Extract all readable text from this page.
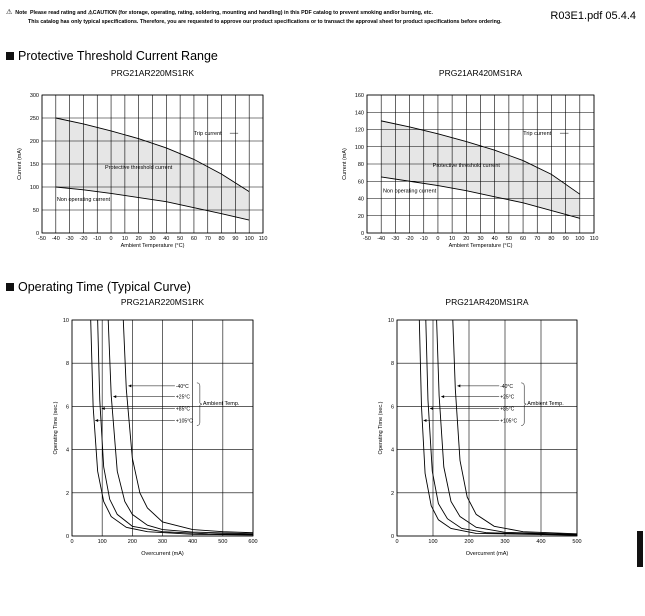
⚠ Note Please read rating and ⚠CAUTION (for storage, operating, rating, soldering, mounting and handling) in this PDF catalog to prevent smoking and/or burning, etc.
This catalog has only typical specifications. Therefore, you are requested to approve our product specifications or to transact the approval sheet for product specifications before ordering.	R03E1.pdf 05.4.4
Protective Threshold Current Range
Operating Time (Typical Curve)
PRG21AR220MS1RK
-50 -40 -30 -20 -10 0 10 20 30 40 50 60 70 80 90 100 110
0
50
100
150
200
250
300
Ambient Temperature (°C)
Current (mA)
Trip current
Protective threshold current
Non operating current
PRG21AR420MS1RA
-50 -40 -30 -20 -10 0 10 20 30 40 50 60 70 80 90 100 110
0
20
40
60
80
100
120
140
160
Ambient Temperature (°C)
Current (mA)
Trip current
Protective threshold current
Non operating current
PRG21AR220MS1RK
0	100	200	300	400	500	600
0
2
4
6
8
10
Overcurrent (mA)
Operating Time (sec.)
-40°C
+25°C
+85°C
+105°C
Ambient Temp.
PRG21AR420MS1RA
0	100	200	300	400	500
0
2
4
6
8
10
Overcurrent (mA)
Operating Time (sec.)
-40°C
+25°C
+85°C
+105°C
Ambient Temp.
